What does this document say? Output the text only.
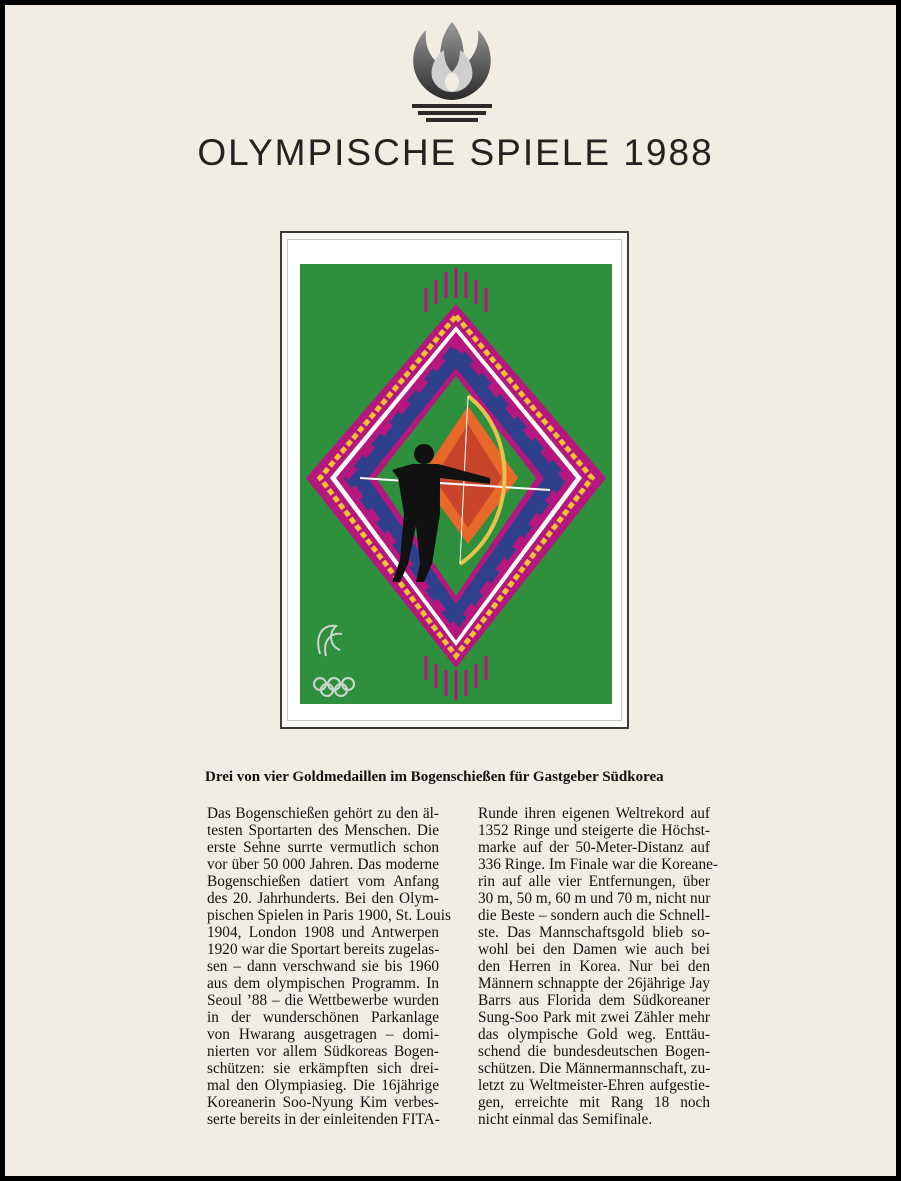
OLYMPISCHE SPIELE 1988
Drei von vier Goldmedaillen im Bogenschießen für Gastgeber Südkorea
Das Bogenschießen gehört zu den äl-
testen Sportarten des Menschen. Die
erste Sehne surrte vermutlich schon
vor über 50 000 Jahren. Das moderne
Bogenschießen datiert vom Anfang
des 20. Jahrhunderts. Bei den Olym-
pischen Spielen in Paris 1900, St. Louis
1904, London 1908 und Antwerpen
1920 war die Sportart bereits zugelas-
sen – dann verschwand sie bis 1960
aus dem olympischen Programm. In
Seoul ’88 – die Wettbewerbe wurden
in der wunderschönen Parkanlage
von Hwarang ausgetragen – domi-
nierten vor allem Südkoreas Bogen-
schützen: sie erkämpften sich drei-
mal den Olympiasieg. Die 16jährige
Koreanerin Soo-Nyung Kim verbes-
serte bereits in der einleitenden FITA-
Runde ihren eigenen Weltrekord auf
1352 Ringe und steigerte die Höchst-
marke auf der 50-Meter-Distanz auf
336 Ringe. Im Finale war die Koreane-
rin auf alle vier Entfernungen, über
30 m, 50 m, 60 m und 70 m, nicht nur
die Beste – sondern auch die Schnell-
ste. Das Mannschaftsgold blieb so-
wohl bei den Damen wie auch bei
den Herren in Korea. Nur bei den
Männern schnappte der 26jährige Jay
Barrs aus Florida dem Südkoreaner
Sung-Soo Park mit zwei Zähler mehr
das olympische Gold weg. Enttäu-
schend die bundesdeutschen Bogen-
schützen. Die Männermannschaft, zu-
letzt zu Weltmeister-Ehren aufgestie-
gen, erreichte mit Rang 18 noch
nicht einmal das Semifinale.
